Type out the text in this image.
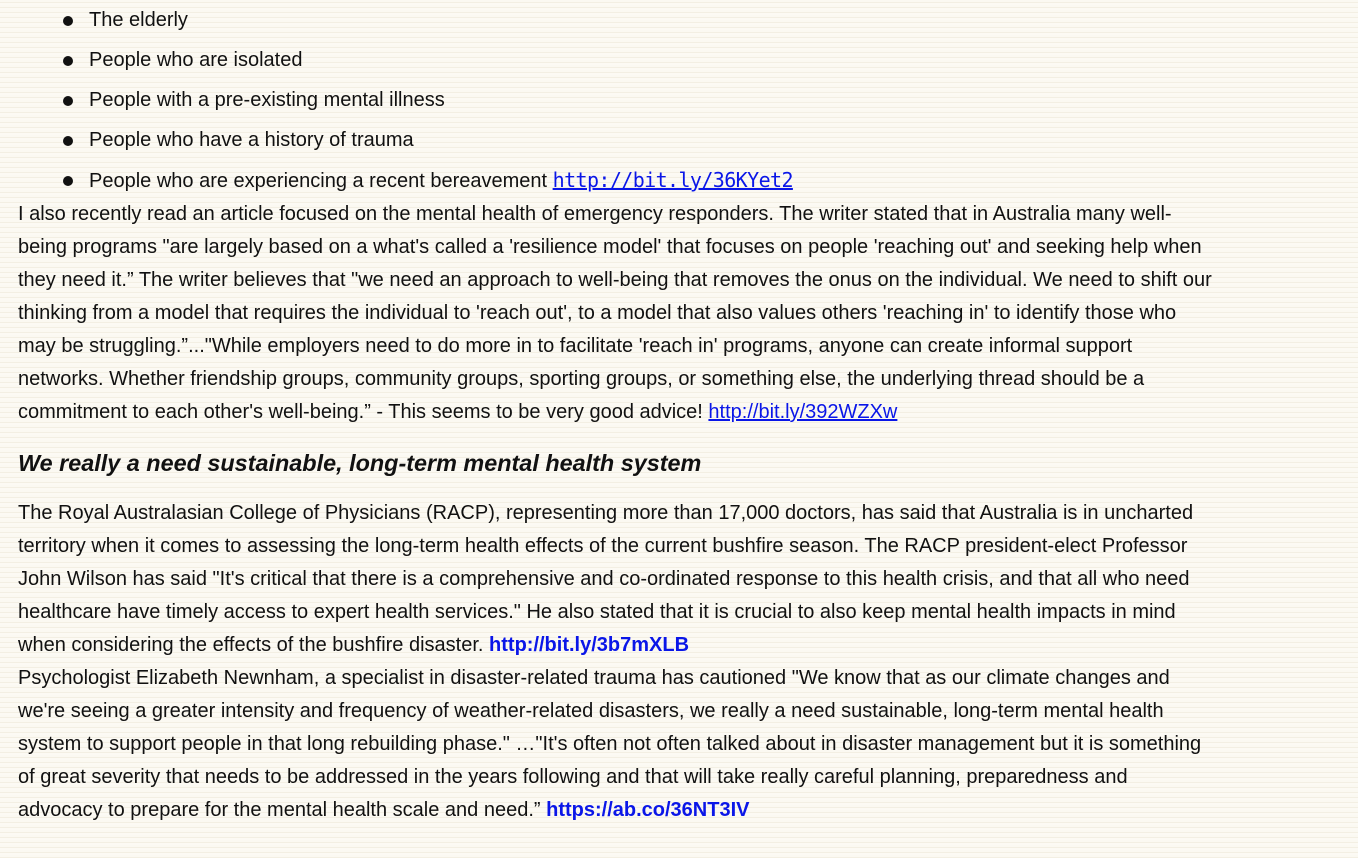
The elderly
People who are isolated
People with a pre-existing mental illness
People who have a history of trauma
People who are experiencing a recent bereavement http://bit.ly/36KYet2

I also recently read an article focused on the mental health of emergency responders. The writer stated that in Australia many well-
being programs "are largely based on a what's called a 'resilience model' that focuses on people 'reaching out' and seeking help when
they need it.” The writer believes that "we need an approach to well-being that removes the onus on the individual. We need to shift our
thinking from a model that requires the individual to 'reach out', to a model that also values others 'reaching in' to identify those who
may be struggling.”..."While employers need to do more in to facilitate 'reach in' programs, anyone can create informal support
networks. Whether friendship groups, community groups, sporting groups, or something else, the underlying thread should be a
commitment to each other's well-being.” - This seems to be very good advice! http://bit.ly/392WZXw

We really a need sustainable, long-term mental health system

The Royal Australasian College of Physicians (RACP), representing more than 17,000 doctors, has said that Australia is in uncharted
territory when it comes to assessing the long-term health effects of the current bushfire season. The RACP president-elect Professor
John Wilson has said "It's critical that there is a comprehensive and co-ordinated response to this health crisis, and that all who need
healthcare have timely access to expert health services." He also stated that it is crucial to also keep mental health impacts in mind
when considering the effects of the bushfire disaster. http://bit.ly/3b7mXLB

Psychologist Elizabeth Newnham, a specialist in disaster-related trauma has cautioned "We know that as our climate changes and
we're seeing a greater intensity and frequency of weather-related disasters, we really a need sustainable, long-term mental health
system to support people in that long rebuilding phase." …"It's often not often talked about in disaster management but it is something
of great severity that needs to be addressed in the years following and that will take really careful planning, preparedness and
advocacy to prepare for the mental health scale and need.” https://ab.co/36NT3IV
